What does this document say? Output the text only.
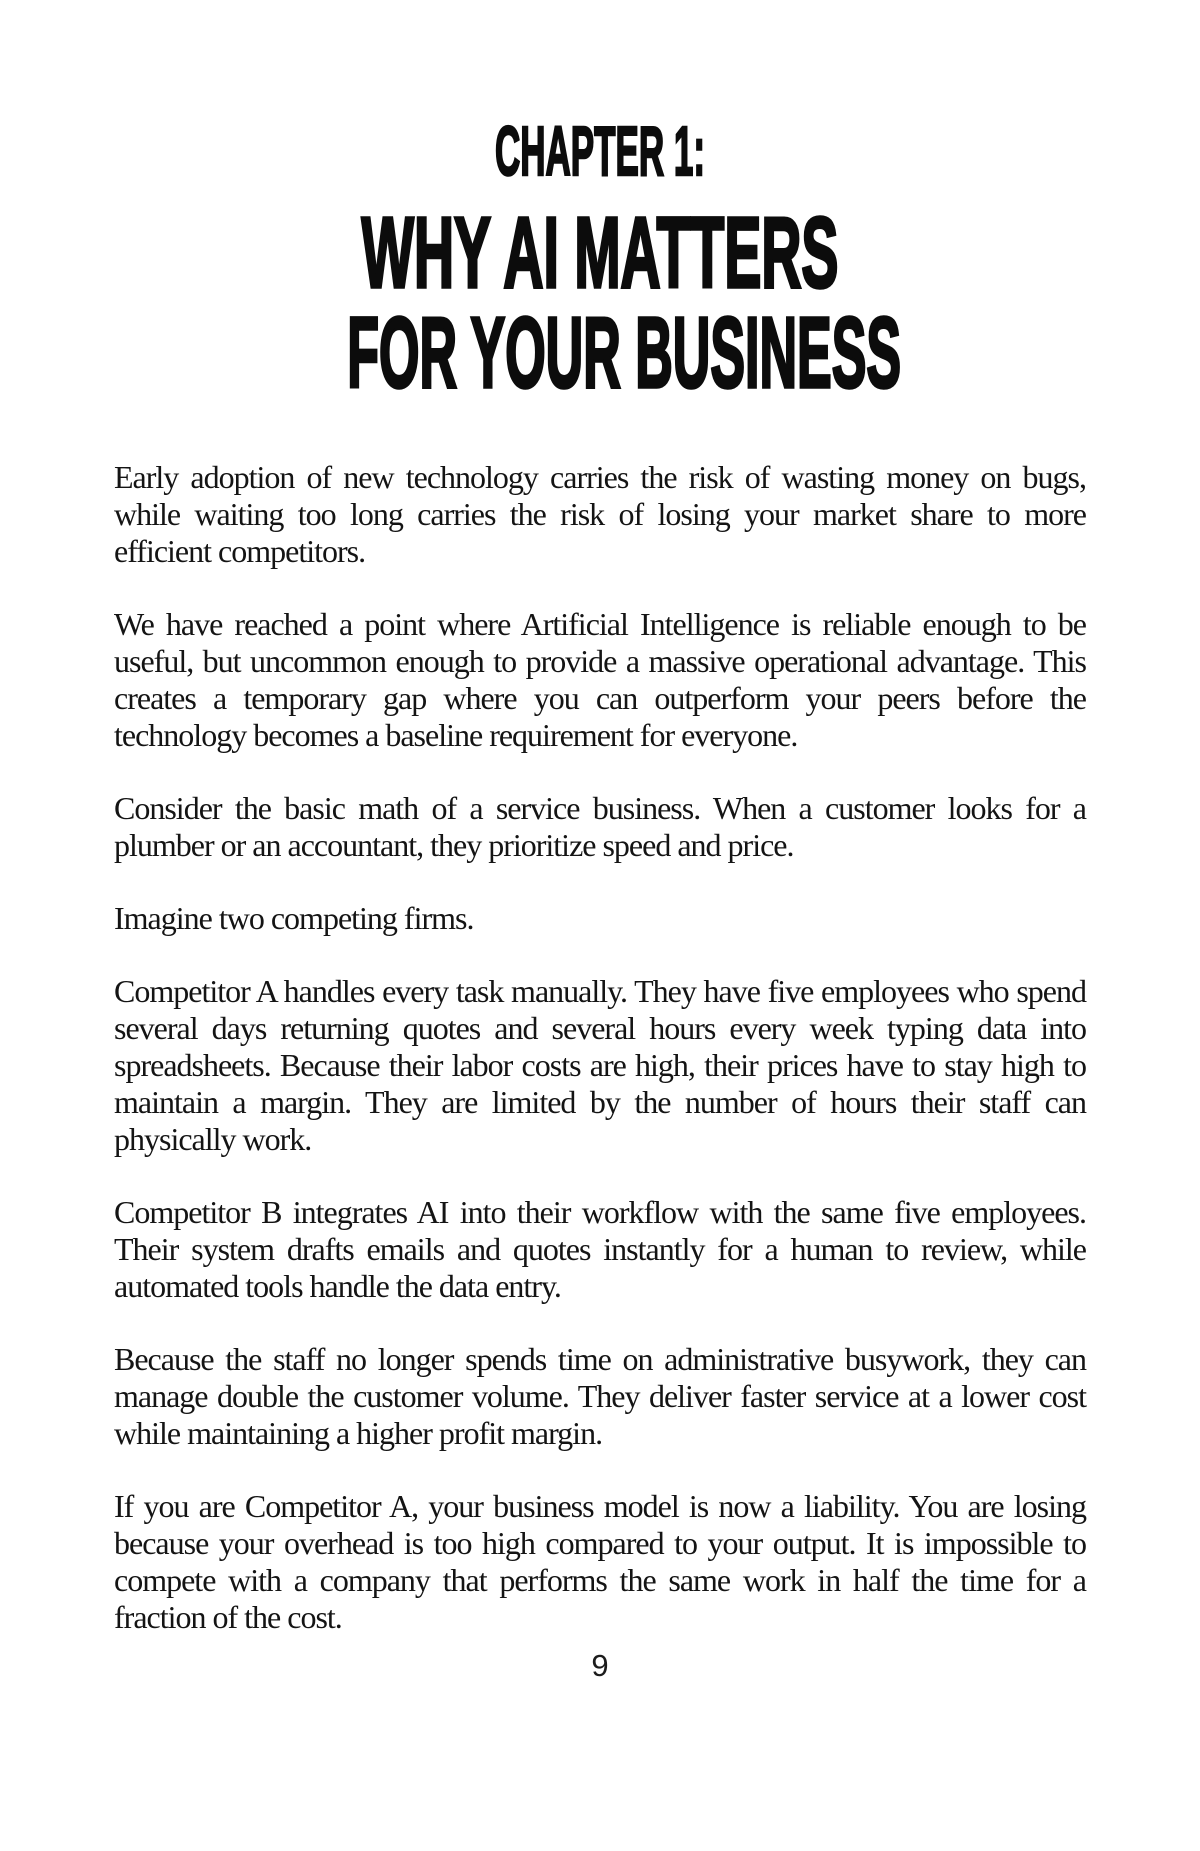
CHAPTER 1:
WHY AI MATTERS
FOR YOUR BUSINESS

Early adoption of new technology carries the risk of wasting money on bugs, while waiting too long carries the risk of losing your market share to more efficient competitors.

We have reached a point where Artificial Intelligence is reliable enough to be useful, but uncommon enough to provide a massive operational advantage. This creates a temporary gap where you can outperform your peers before the technology becomes a baseline requirement for everyone.

Consider the basic math of a service business. When a customer looks for a plumber or an accountant, they prioritize speed and price.

Imagine two competing firms.

Competitor A handles every task manually. They have five employees who spend several days returning quotes and several hours every week typing data into spreadsheets. Because their labor costs are high, their prices have to stay high to maintain a margin. They are limited by the number of hours their staff can physically work.

Competitor B integrates AI into their workflow with the same five employees. Their system drafts emails and quotes instantly for a human to review, while automated tools handle the data entry.

Because the staff no longer spends time on administrative busywork, they can manage double the customer volume. They deliver faster service at a lower cost while maintaining a higher profit margin.

If you are Competitor A, your business model is now a liability. You are losing because your overhead is too high compared to your output. It is impossible to compete with a company that performs the same work in half the time for a fraction of the cost.

9
